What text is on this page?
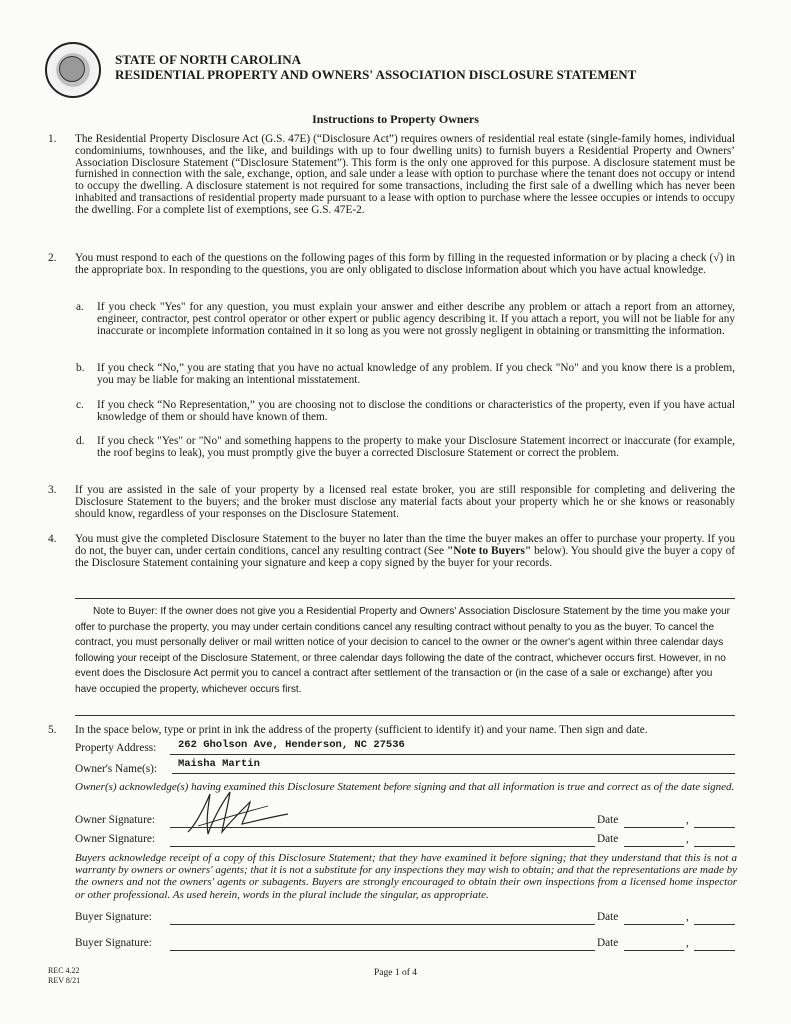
STATE OF NORTH CAROLINA
RESIDENTIAL PROPERTY AND OWNERS' ASSOCIATION DISCLOSURE STATEMENT
Instructions to Property Owners
1. The Residential Property Disclosure Act (G.S. 47E) (“Disclosure Act”) requires owners of residential real estate (single-family homes, individual condominiums, townhouses, and the like, and buildings with up to four dwelling units) to furnish buyers a Residential Property and Owners’ Association Disclosure Statement (“Disclosure Statement”). This form is the only one approved for this purpose. A disclosure statement must be furnished in connection with the sale, exchange, option, and sale under a lease with option to purchase where the tenant does not occupy or intend to occupy the dwelling. A disclosure statement is not required for some transactions, including the first sale of a dwelling which has never been inhabited and transactions of residential property made pursuant to a lease with option to purchase where the lessee occupies or intends to occupy the dwelling. For a complete list of exemptions, see G.S. 47E-2.
2. You must respond to each of the questions on the following pages of this form by filling in the requested information or by placing a check (√) in the appropriate box. In responding to the questions, you are only obligated to disclose information about which you have actual knowledge.
a. If you check "Yes" for any question, you must explain your answer and either describe any problem or attach a report from an attorney, engineer, contractor, pest control operator or other expert or public agency describing it. If you attach a report, you will not be liable for any inaccurate or incomplete information contained in it so long as you were not grossly negligent in obtaining or transmitting the information.
b. If you check “No,” you are stating that you have no actual knowledge of any problem. If you check "No" and you know there is a problem, you may be liable for making an intentional misstatement.
c. If you check “No Representation,” you are choosing not to disclose the conditions or characteristics of the property, even if you have actual knowledge of them or should have known of them.
d. If you check "Yes" or "No" and something happens to the property to make your Disclosure Statement incorrect or inaccurate (for example, the roof begins to leak), you must promptly give the buyer a corrected Disclosure Statement or correct the problem.
3. If you are assisted in the sale of your property by a licensed real estate broker, you are still responsible for completing and delivering the Disclosure Statement to the buyers; and the broker must disclose any material facts about your property which he or she knows or reasonably should know, regardless of your responses on the Disclosure Statement.
4. You must give the completed Disclosure Statement to the buyer no later than the time the buyer makes an offer to purchase your property. If you do not, the buyer can, under certain conditions, cancel any resulting contract (See "Note to Buyers" below). You should give the buyer a copy of the Disclosure Statement containing your signature and keep a copy signed by the buyer for your records.
Note to Buyer: If the owner does not give you a Residential Property and Owners' Association Disclosure Statement by the time you make your offer to purchase the property, you may under certain conditions cancel any resulting contract without penalty to you as the buyer. To cancel the contract, you must personally deliver or mail written notice of your decision to cancel to the owner or the owner's agent within three calendar days following your receipt of the Disclosure Statement, or three calendar days following the date of the contract, whichever occurs first. However, in no event does the Disclosure Act permit you to cancel a contract after settlement of the transaction or (in the case of a sale or exchange) after you have occupied the property, whichever occurs first.
5. In the space below, type or print in ink the address of the property (sufficient to identify it) and your name. Then sign and date.
Property Address: 262 Gholson Ave, Henderson, NC 27536
Owner's Name(s): Maisha Martin
Owner(s) acknowledge(s) having examined this Disclosure Statement before signing and that all information is true and correct as of the date signed.
Owner Signature:	Date	,
Owner Signature:	Date	,
Buyers acknowledge receipt of a copy of this Disclosure Statement; that they have examined it before signing; that they understand that this is not a warranty by owners or owners' agents; that it is not a substitute for any inspections they may wish to obtain; and that the representations are made by the owners and not the owners' agents or subagents. Buyers are strongly encouraged to obtain their own inspections from a licensed home inspector or other professional. As used herein, words in the plural include the singular, as appropriate.
Buyer Signature:	Date	,
Buyer Signature:	Date	,
REC 4.22
REV 8/21
Page 1 of 4
